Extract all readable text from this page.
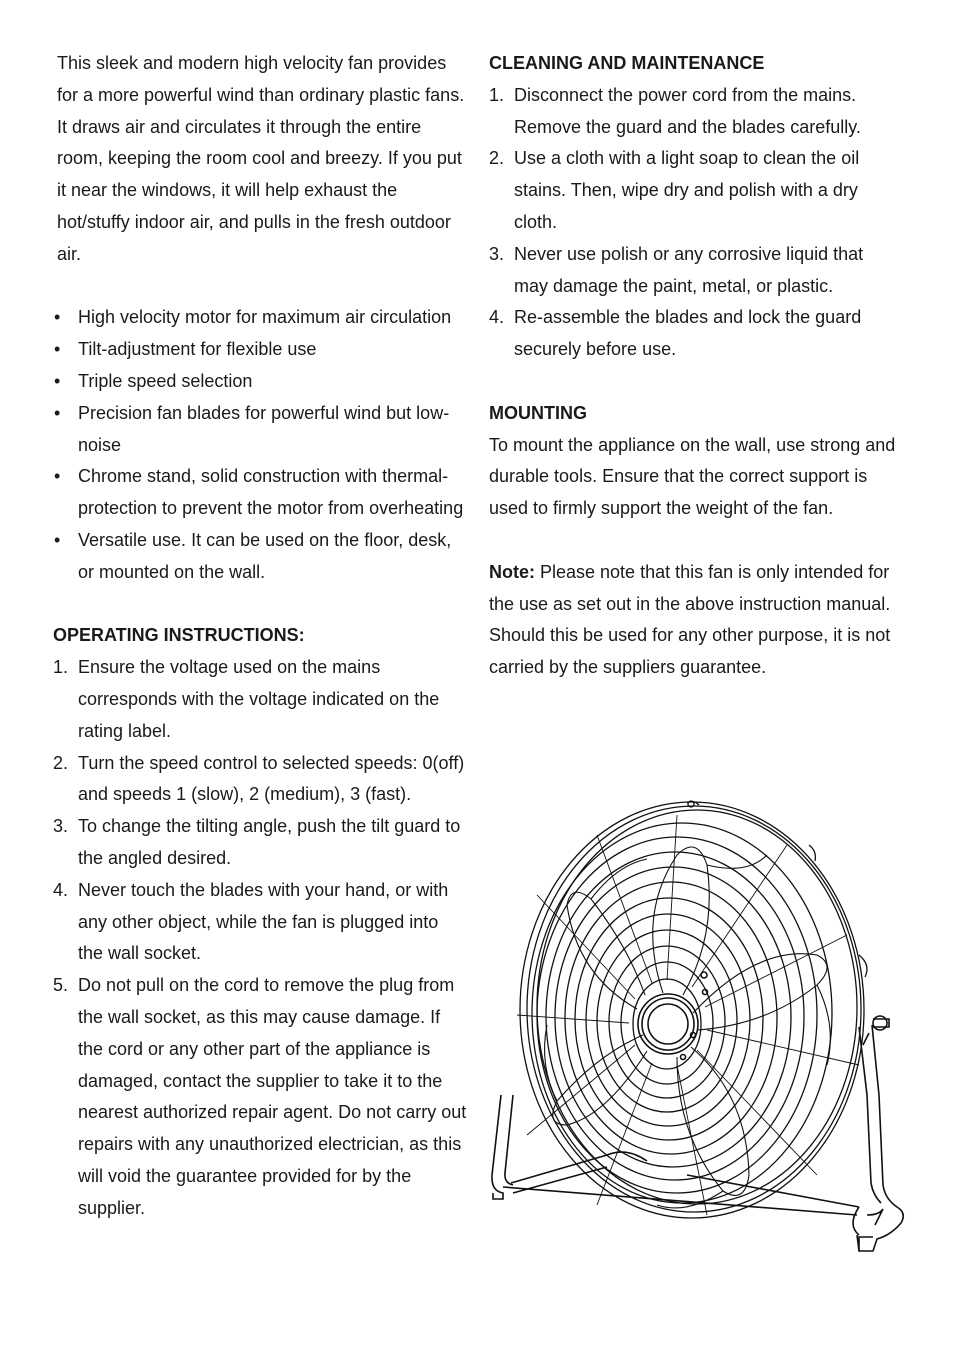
This sleek and modern high velocity fan provides for a more powerful wind than ordinary plastic fans. It draws air and circulates it through the entire room, keeping the room cool and breezy. If you put it near the windows, it will help exhaust the hot/stuffy indoor air, and pulls in the fresh outdoor air.

• High velocity motor for maximum air circulation
• Tilt-adjustment for flexible use
• Triple speed selection
• Precision fan blades for powerful wind but low-noise
• Chrome stand, solid construction with thermal-protection to prevent the motor from overheating
• Versatile use. It can be used on the floor, desk, or mounted on the wall.

OPERATING INSTRUCTIONS:

1. Ensure the voltage used on the mains corresponds with the voltage indicated on the rating label.
2. Turn the speed control to selected speeds: 0(off) and speeds 1 (slow), 2 (medium), 3 (fast).
3. To change the tilting angle, push the tilt guard to the angled desired.
4. Never touch the blades with your hand, or with any other object, while the fan is plugged into the wall socket.
5. Do not pull on the cord to remove the plug from the wall socket, as this may cause damage. If the cord or any other part of the appliance is damaged, contact the supplier to take it to the nearest authorized repair agent. Do not carry out repairs with any unauthorized electrician, as this will void the guarantee provided for by the supplier.

CLEANING AND MAINTENANCE

1. Disconnect the power cord from the mains. Remove the guard and the blades carefully.
2. Use a cloth with a light soap to clean the oil stains. Then, wipe dry and polish with a dry cloth.
3. Never use polish or any corrosive liquid that may damage the paint, metal, or plastic.
4. Re-assemble the blades and lock the guard securely before use.

MOUNTING

To mount the appliance on the wall, use strong and durable tools. Ensure that the correct support is used to firmly support the weight of the fan.

Note: Please note that this fan is only intended for the use as set out in the above instruction manual. Should this be used for any other purpose, it is not carried by the suppliers guarantee.
